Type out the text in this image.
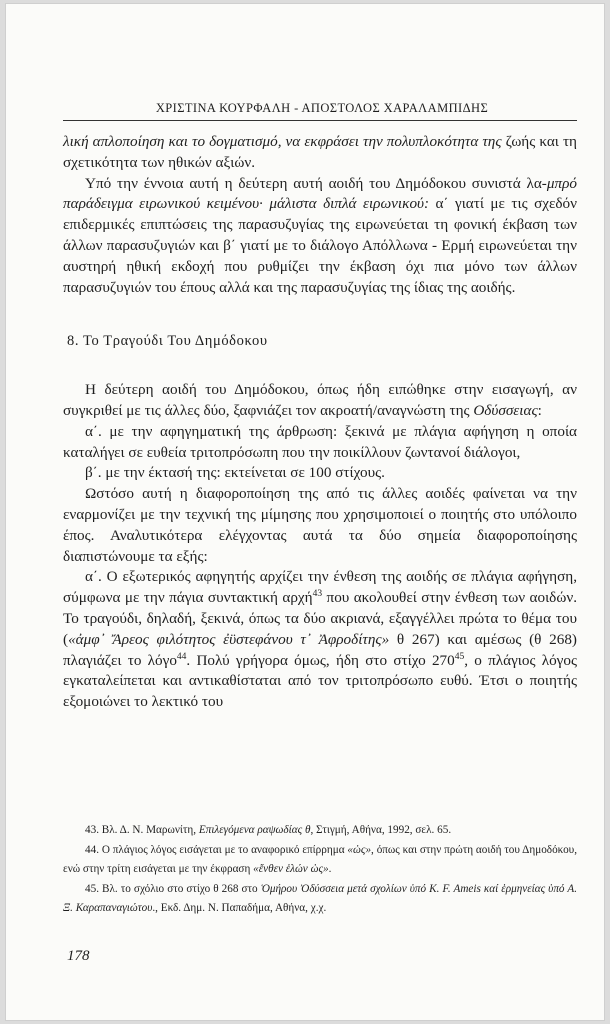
ΧΡΙΣΤΙΝΑ ΚΟΥΡΦΑΛΗ - ΑΠΟΣΤΟΛΟΣ ΧΑΡΑΛΑΜΠΙΔΗΣ

λική απλοποίηση και το δογματισμό, να εκφράσει την πολυπλοκότητα της ζωής και τη σχετικότητα των ηθικών αξιών.

Υπό την έννοια αυτή η δεύτερη αυτή αοιδή του Δημόδοκου συνιστά λα-μπρό παράδειγμα ειρωνικού κειμένου· μάλιστα διπλά ειρωνικού: α΄ γιατί με τις σχεδόν επιδερμικές επιπτώσεις της παρασυζυγίας της ειρωνεύεται τη φονική έκβαση των άλλων παρασυζυγιών και β΄ γιατί με το διάλογο Απόλλωνα - Ερμή ειρωνεύεται την αυστηρή ηθική εκδοχή που ρυθμίζει την έκβαση όχι πια μόνο των άλλων παρασυζυγιών του έπους αλλά και της παρασυζυγίας της ίδιας της αοιδής.

8. Το Τραγούδι Του Δημόδοκου

Η δεύτερη αοιδή του Δημόδοκου, όπως ήδη ειπώθηκε στην εισαγωγή, αν συγκριθεί με τις άλλες δύο, ξαφνιάζει τον ακροατή/αναγνώστη της Οδύσσειας:

α΄. με την αφηγηματική της άρθρωση: ξεκινά με πλάγια αφήγηση η οποία καταλήγει σε ευθεία τριτοπρόσωπη που την ποικίλλουν ζωντανοί διάλογοι,

β΄. με την έκτασή της: εκτείνεται σε 100 στίχους.

Ωστόσο αυτή η διαφοροποίηση της από τις άλλες αοιδές φαίνεται να την εναρμονίζει με την τεχνική της μίμησης που χρησιμοποιεί ο ποιητής στο υπόλοιπο έπος. Αναλυτικότερα ελέγχοντας αυτά τα δύο σημεία διαφοροποίησης διαπιστώνουμε τα εξής:

α΄. Ο εξωτερικός αφηγητής αρχίζει την ένθεση της αοιδής σε πλάγια αφήγηση, σύμφωνα με την πάγια συντακτική αρχή$^{43}$ που ακολουθεί στην ένθεση των αοιδών. Το τραγούδι, δηλαδή, ξεκινά, όπως τα δύο ακριανά, εξαγγέλλει πρώτα το θέμα του («ἀμφ᾽ Ἄρεος φιλότητος ἐϋστεφάνου τ᾽ Ἀφροδίτης» θ 267) και αμέσως (θ 268) πλαγιάζει το λόγο$^{44}$. Πολύ γρήγορα όμως, ήδη στο στίχο $270^{45}$, ο πλάγιος λόγος εγκαταλείπεται και αντικαθίσταται από τον τριτοπρόσωπο ευθύ. Έτσι ο ποιητής εξομοιώνει το λεκτικό του

43. Βλ. Δ. Ν. Μαρωνίτη, Επιλεγόμενα ραψωδίας θ, Στιγμή, Αθήνα, 1992, σελ. 65.

44. Ο πλάγιος λόγος εισάγεται με το αναφορικό επίρρημα «ὡς», όπως και στην πρώτη αοιδή του Δημοδόκου, ενώ στην τρίτη εισάγεται με την έκφραση «ἔνθεν ἑλών ὡς».

45. Βλ. το σχόλιο στο στίχο θ 268 στο Ὁμήρου Ὀδύσσεια μετά σχολίων ὑπό K. F. Ameis καί ἑρμηνείας ὑπό Α. Ξ. Καραπαναγιώτου., Εκδ. Δημ. Ν. Παπαδήμα, Αθήνα, χ.χ.

178
